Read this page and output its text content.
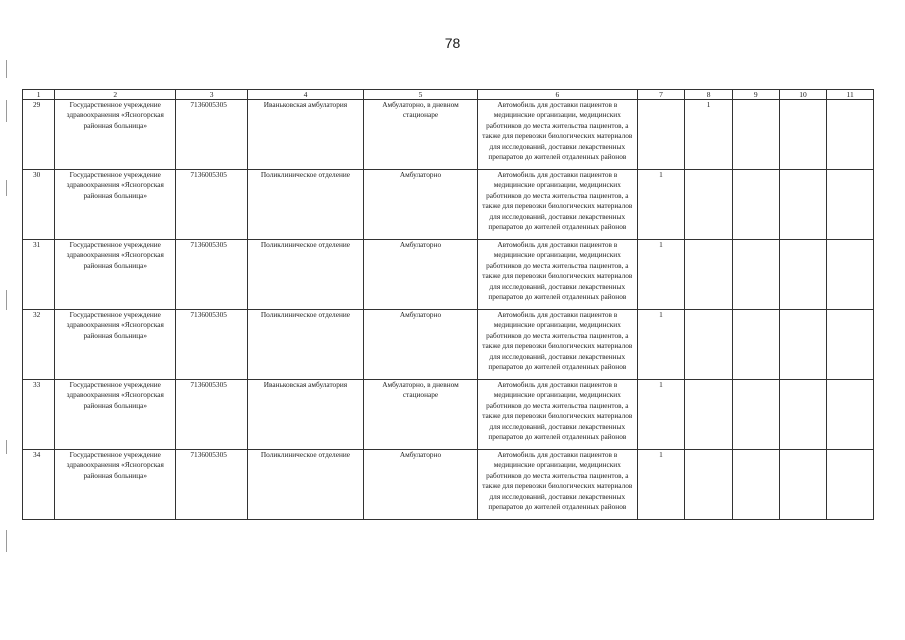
78
1	2	3	4	5	6	7	8	9	10	11
29	Государственное учреждение здравоохранения «Ясногорская районная больница»	7136005305	Иваньковская амбулатория	Амбулаторно, в дневном стационаре	Автомобиль для доставки пациентов в медицинские организации, медицинских работников до места жительства пациентов, а также для перевозки биологических материалов для исследований, доставки лекарственных препаратов до жителей отдаленных районов		1			
30	Государственное учреждение здравоохранения «Ясногорская районная больница»	7136005305	Поликлиническое отделение	Амбулаторно	Автомобиль для доставки пациентов в медицинские организации, медицинских работников до места жительства пациентов, а также для перевозки биологических материалов для исследований, доставки лекарственных препаратов до жителей отдаленных районов	1				
31	Государственное учреждение здравоохранения «Ясногорская районная больница»	7136005305	Поликлиническое отделение	Амбулаторно	Автомобиль для доставки пациентов в медицинские организации, медицинских работников до места жительства пациентов, а также для перевозки биологических материалов для исследований, доставки лекарственных препаратов до жителей отдаленных районов	1				
32	Государственное учреждение здравоохранения «Ясногорская районная больница»	7136005305	Поликлиническое отделение	Амбулаторно	Автомобиль для доставки пациентов в медицинские организации, медицинских работников до места жительства пациентов, а также для перевозки биологических материалов для исследований, доставки лекарственных препаратов до жителей отдаленных районов	1				
33	Государственное учреждение здравоохранения «Ясногорская районная больница»	7136005305	Иваньковская амбулатория	Амбулаторно, в дневном стационаре	Автомобиль для доставки пациентов в медицинские организации, медицинских работников до места жительства пациентов, а также для перевозки биологических материалов для исследований, доставки лекарственных препаратов до жителей отдаленных районов	1				
34	Государственное учреждение здравоохранения «Ясногорская районная больница»	7136005305	Поликлиническое отделение	Амбулаторно	Автомобиль для доставки пациентов в медицинские организации, медицинских работников до места жительства пациентов, а также для перевозки биологических материалов для исследований, доставки лекарственных препаратов до жителей отдаленных районов	1				
